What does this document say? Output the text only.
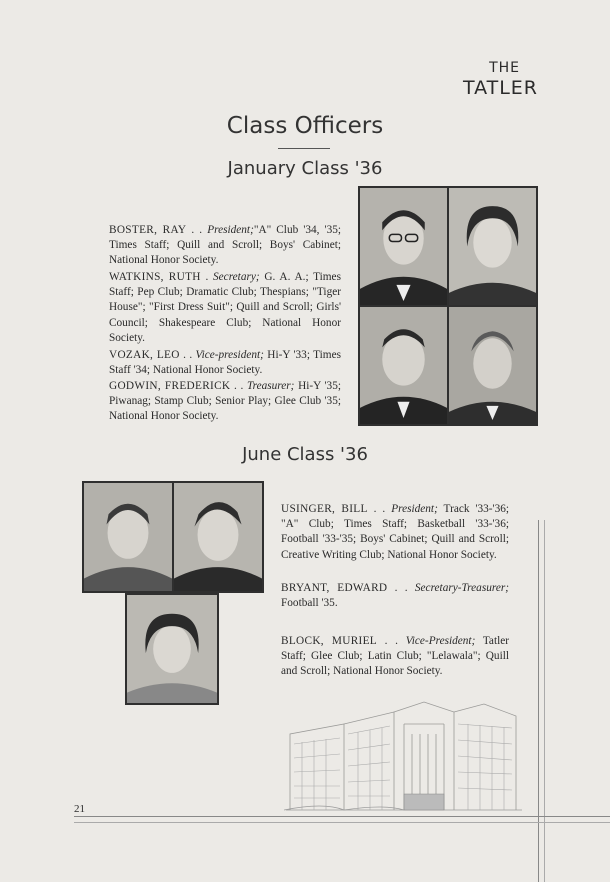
THE
TATLER
Class Officers
January Class '36
BOSTER, RAY . . President;"A" Club '34, '35; Times Staff; Quill and Scroll; Boys' Cabinet; National Honor Society.
WATKINS, RUTH . Secretary; G. A. A.; Times Staff; Pep Club; Dramatic Club; Thespians; "Tiger House"; "First Dress Suit"; Quill and Scroll; Girls' Council; Shakespeare Club; National Honor Society.
VOZAK, LEO . . Vice-president; Hi-Y '33; Times Staff '34; National Honor Society.
GODWIN, FREDERICK . . Treasurer; Hi-Y '35; Piwanag; Stamp Club; Senior Play; Glee Club '35; National Honor Society.
June Class '36
USINGER, BILL . . President; Track '33-'36; "A" Club; Times Staff; Basketball '33-'36; Football '33-'35; Boys' Cabinet; Quill and Scroll; Creative Writing Club; National Honor Society.
BRYANT, EDWARD . . Secretary-Treasurer; Football '35.
BLOCK, MURIEL . . Vice-President; Tatler Staff; Glee Club; Latin Club; "Lelawala"; Quill and Scroll; National Honor Society.
21
